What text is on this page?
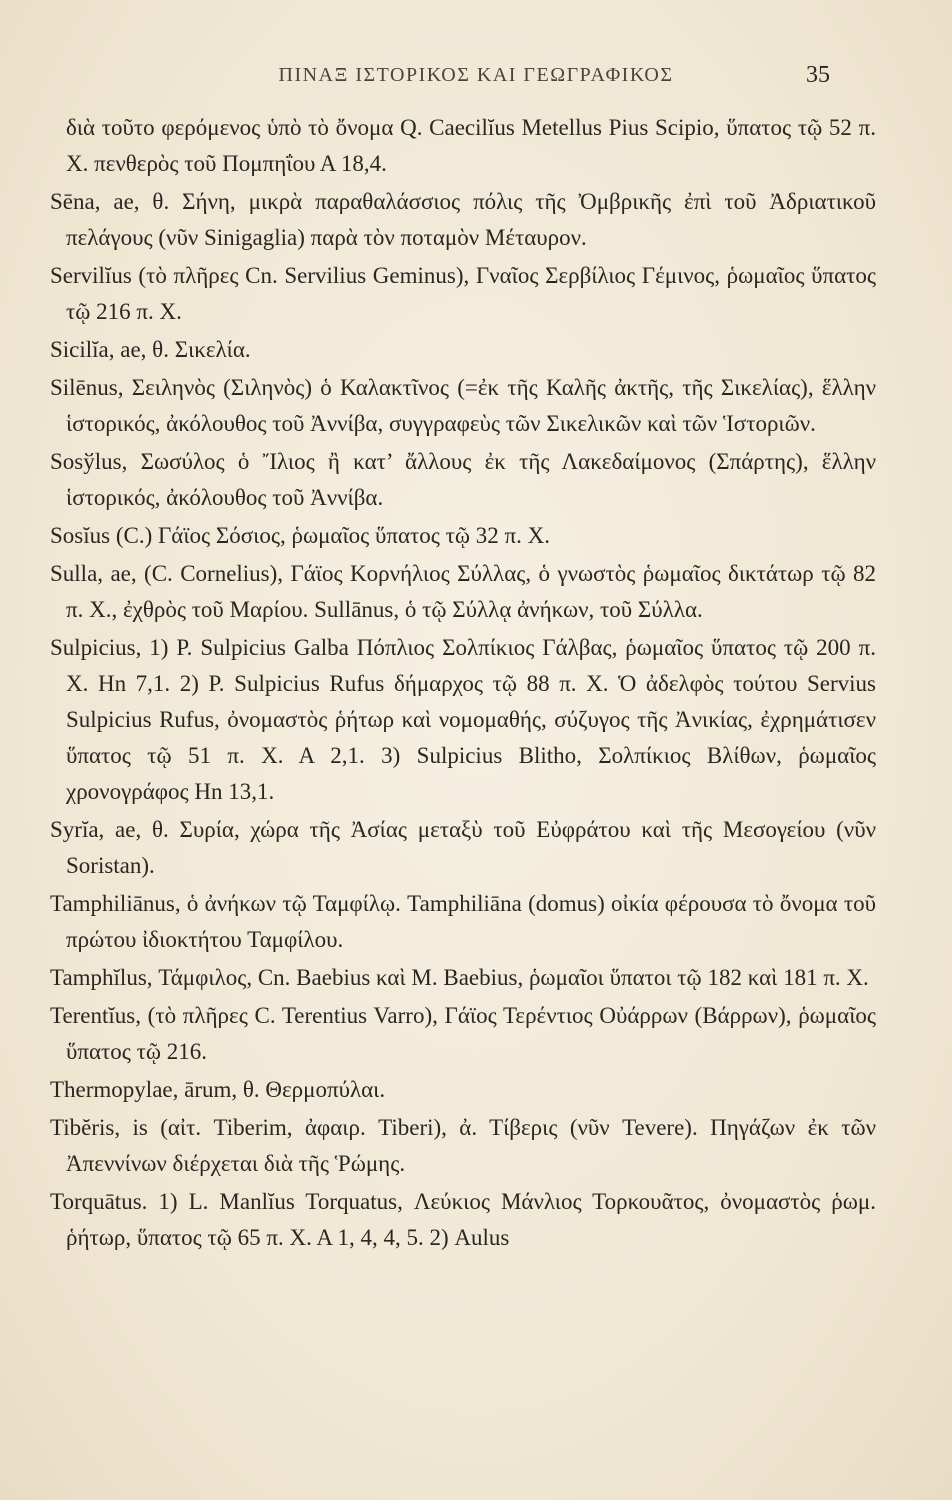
ΠΙΝΑΞ ΙΣΤΟΡΙΚΟΣ ΚΑΙ ΓΕΩΓΡΑΦΙΚΟΣ	35

διὰ τοῦτο φερόμενος ὑπὸ τὸ ὄνομα Q. Caecilĭus Metellus Pius Scipio, ὕπατος τῷ 52 π. Χ. πενθερὸς τοῦ Πομπηΐου Α 18,4.

Sēna, ae, θ. Σήνη, μικρὰ παραθαλάσσιος πόλις τῆς Ὀμβρικῆς ἐπὶ τοῦ Ἀδριατικοῦ πελάγους (νῦν Sinigaglia) παρὰ τὸν ποταμὸν Μέταυρον.

Servilĭus (τὸ πλῆρες Cn. Servilius Geminus), Γναῖος Σερβίλιος Γέμινος, ῥωμαῖος ὕπατος τῷ 216 π. Χ.

Sicilĭa, ae, θ. Σικελία.

Silēnus, Σειληνὸς (Σιληνὸς) ὁ Καλακτῖνος (=ἐκ τῆς Καλῆς ἀκτῆς, τῆς Σικελίας), ἕλλην ἱστορικός, ἀκόλουθος τοῦ Ἀννίβα, συγγραφεὺς τῶν Σικελικῶν καὶ τῶν Ἱστοριῶν.

Sosўlus, Σωσύλος ὁ Ἴλιος ἢ κατ’ ἄλλους ἐκ τῆς Λακεδαίμονος (Σπάρτης), ἕλλην ἱστορικός, ἀκόλουθος τοῦ Ἀννίβα.

Sosĭus (C.) Γάϊος Σόσιος, ῥωμαῖος ὕπατος τῷ 32 π. Χ.

Sulla, ae, (C. Cornelius), Γάϊος Κορνήλιος Σύλλας, ὁ γνωστὸς ῥωμαῖος δικτάτωρ τῷ 82 π. Χ., ἐχθρὸς τοῦ Μαρίου. Sullānus, ὁ τῷ Σύλλᾳ ἀνήκων, τοῦ Σύλλα.

Sulpicius, 1) P. Sulpicius Galba Πόπλιος Σολπίκιος Γάλβας, ῥωμαῖος ὕπατος τῷ 200 π. Χ. Hn 7,1. 2) P. Sulpicius Rufus δήμαρχος τῷ 88 π. Χ. Ὁ ἀδελφὸς τούτου Servius Sulpicius Rufus, ὀνομαστὸς ῥήτωρ καὶ νομομαθής, σύζυγος τῆς Ἀνικίας, ἐχρημάτισεν ὕπατος τῷ 51 π. Χ. Α 2,1. 3) Sulpicius Blitho, Σολπίκιος Βλίθων, ῥωμαῖος χρονογράφος Hn 13,1.

Syrĭa, ae, θ. Συρία, χώρα τῆς Ἀσίας μεταξὺ τοῦ Εὐφράτου καὶ τῆς Μεσογείου (νῦν Soristan).

Tamphiliānus, ὁ ἀνήκων τῷ Ταμφίλῳ. Tamphiliāna (domus) οἰκία φέρουσα τὸ ὄνομα τοῦ πρώτου ἰδιοκτήτου Ταμφίλου.

Tamphĭlus, Τάμφιλος, Cn. Baebius καὶ M. Baebius, ῥωμαῖοι ὕπατοι τῷ 182 καὶ 181 π. Χ.

Terentĭus, (τὸ πλῆρες C. Terentius Varro), Γάϊος Τερέντιος Οὐάρρων (Βάρρων), ῥωμαῖος ὕπατος τῷ 216.

Thermopylae, ārum, θ. Θερμοπύλαι.

Tibĕris, is (αἰτ. Tiberim, ἀφαιρ. Tiberi), ἀ. Τίβερις (νῦν Tevere). Πηγάζων ἐκ τῶν Ἀπεννίνων διέρχεται διὰ τῆς Ῥώμης.

Torquātus. 1) L. Manlĭus Torquatus, Λεύκιος Μάνλιος Τορκουᾶτος, ὀνομαστὸς ῥωμ. ῥήτωρ, ὕπατος τῷ 65 π. Χ. Α 1, 4, 4, 5. 2) Aulus
